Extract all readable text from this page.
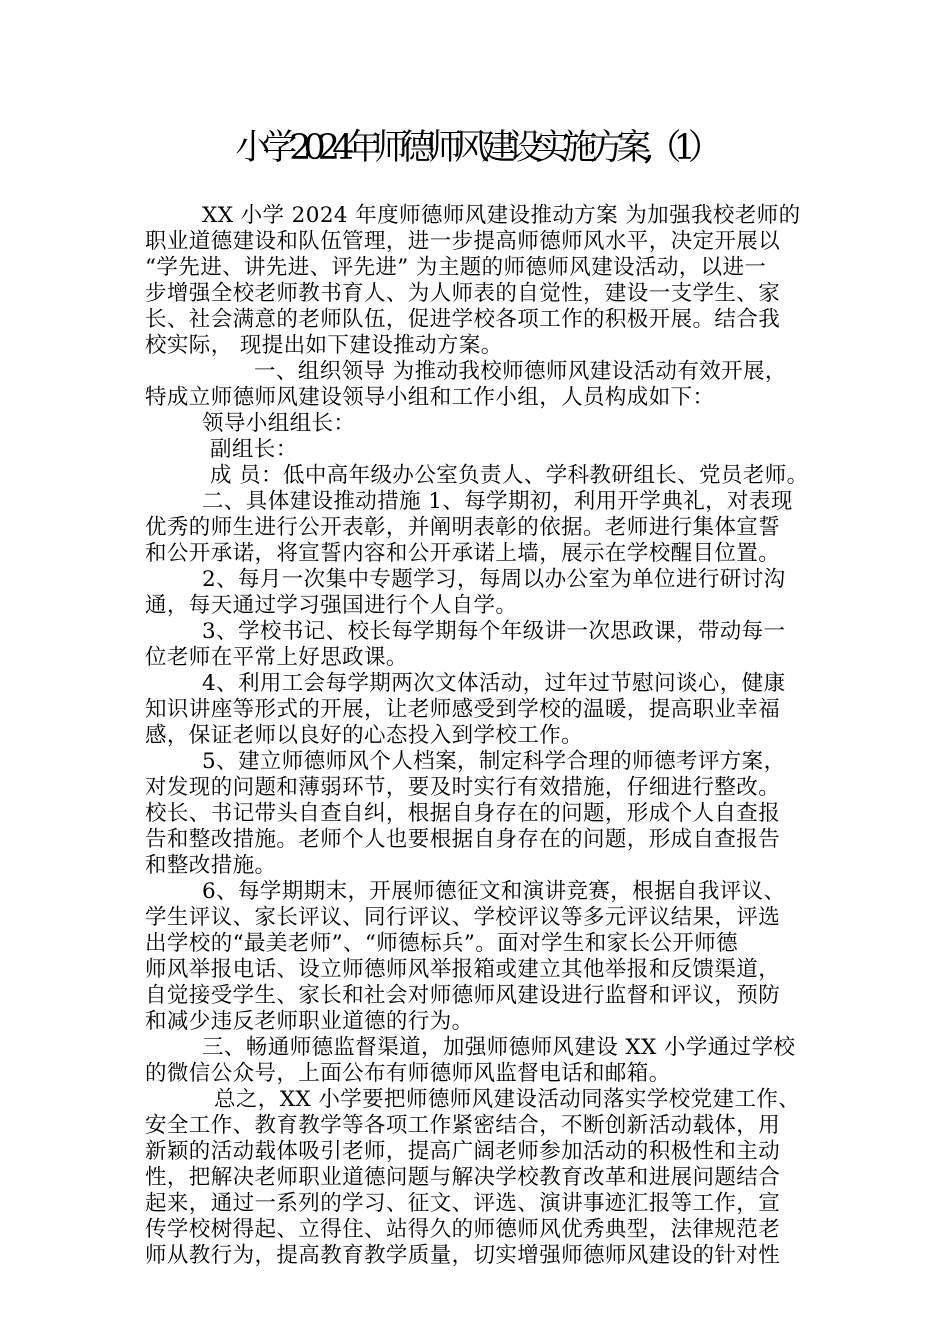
小学2024年师德师风建设实施方案,（1）
XX 小学 2024 年度师德师风建设推动方案 为加强我校老师的
职业道德建设和队伍管理，进一步提高师德师风水平，决定开展以
“学先进、讲先进、评先进” 为主题的师德师风建设活动，以进一
步增强全校老师教书育人、为人师表的自觉性，建设一支学生、家
长、社会满意的老师队伍，促进学校各项工作的积极开展。结合我
校实际， 现提出如下建设推动方案。
一、组织领导 为推动我校师德师风建设活动有效开展，
特成立师德师风建设领导小组和工作小组，人员构成如下：
领导小组组长：
副组长：
成 员：低中高年级办公室负责人、学科教研组长、党员老师。
二、具体建设推动措施 1、每学期初，利用开学典礼，对表现
优秀的师生进行公开表彰，并阐明表彰的依据。老师进行集体宣誓
和公开承诺，将宣誓内容和公开承诺上墙，展示在学校醒目位置。
2、每月一次集中专题学习，每周以办公室为单位进行研讨沟
通，每天通过学习强国进行个人自学。
3、学校书记、校长每学期每个年级讲一次思政课，带动每一
位老师在平常上好思政课。
4、利用工会每学期两次文体活动，过年过节慰问谈心，健康
知识讲座等形式的开展，让老师感受到学校的温暖，提高职业幸福
感，保证老师以良好的心态投入到学校工作。
5、建立师德师风个人档案，制定科学合理的师德考评方案，
对发现的问题和薄弱环节，要及时实行有效措施，仔细进行整改。
校长、书记带头自查自纠，根据自身存在的问题，形成个人自查报
告和整改措施。老师个人也要根据自身存在的问题，形成自查报告
和整改措施。
6、每学期期末，开展师德征文和演讲竞赛，根据自我评议、
学生评议、家长评议、同行评议、学校评议等多元评议结果，评选
出学校的“最美老师”、“师德标兵”。面对学生和家长公开师德
师风举报电话、设立师德师风举报箱或建立其他举报和反馈渠道，
自觉接受学生、家长和社会对师德师风建设进行监督和评议，预防
和减少违反老师职业道德的行为。
三、畅通师德监督渠道，加强师德师风建设 XX 小学通过学校
的微信公众号，上面公布有师德师风监督电话和邮箱。
总之，XX 小学要把师德师风建设活动同落实学校党建工作、
安全工作、教育教学等各项工作紧密结合，不断创新活动载体，用
新颖的活动载体吸引老师，提高广阔老师参加活动的积极性和主动
性，把解决老师职业道德问题与解决学校教育改革和进展问题结合
起来，通过一系列的学习、征文、评选、演讲事迹汇报等工作，宣
传学校树得起、立得住、站得久的师德师风优秀典型，法律规范老
师从教行为，提高教育教学质量，切实增强师德师风建设的针对性
